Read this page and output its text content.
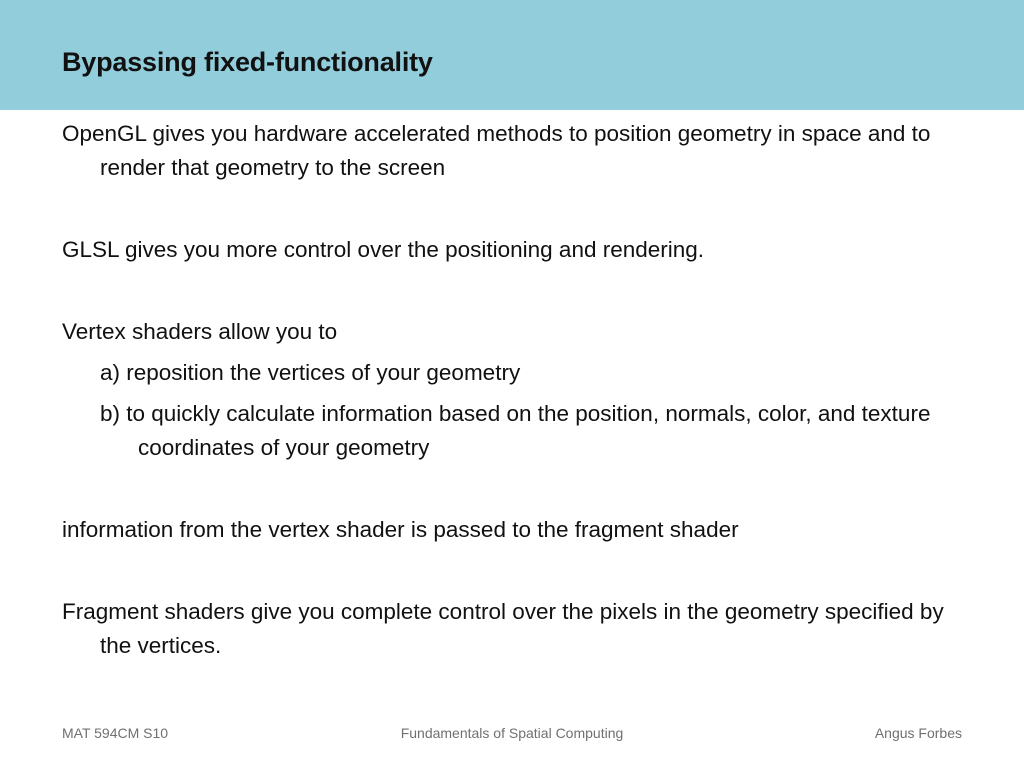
Bypassing fixed-functionality

OpenGL gives you hardware accelerated methods to position geometry in space and to render that geometry to the screen

GLSL gives you more control over the positioning and rendering.

Vertex shaders allow you to

a) reposition the vertices of your geometry

b) to quickly calculate information based on the position, normals, color, and texture coordinates of your geometry

information from the vertex shader is passed to the fragment shader

Fragment shaders give you complete control over the pixels in the geometry specified by the vertices.

MAT 594CM S10	Fundamentals of Spatial Computing	Angus Forbes
